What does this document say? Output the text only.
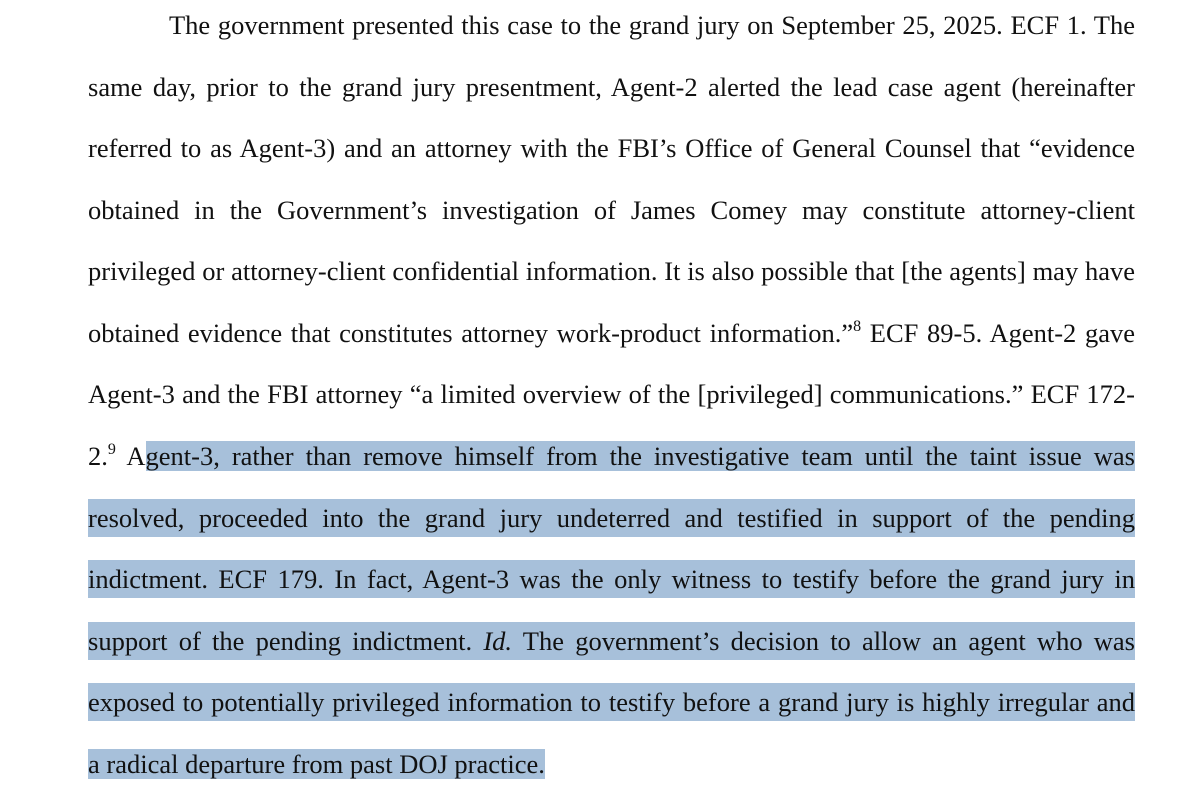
The government presented this case to the grand jury on September 25, 2025. ECF 1. The
same day, prior to the grand jury presentment, Agent-2 alerted the lead case agent (hereinafter
referred to as Agent-3) and an attorney with the FBI’s Office of General Counsel that “evidence
obtained in the Government’s investigation of James Comey may constitute attorney-client
privileged or attorney-client confidential information. It is also possible that [the agents] may have
obtained evidence that constitutes attorney work-product information.”$^8$ ECF 89-5. Agent-2 gave
Agent-3 and the FBI attorney “a limited overview of the [privileged] communications.” ECF 172-
2.$^9$ Agent-3, rather than remove himself from the investigative team until the taint issue was
resolved, proceeded into the grand jury undeterred and testified in support of the pending
indictment. ECF 179. In fact, Agent-3 was the only witness to testify before the grand jury in
support of the pending indictment. Id. The government’s decision to allow an agent who was
exposed to potentially privileged information to testify before a grand jury is highly irregular and
a radical departure from past DOJ practice.
